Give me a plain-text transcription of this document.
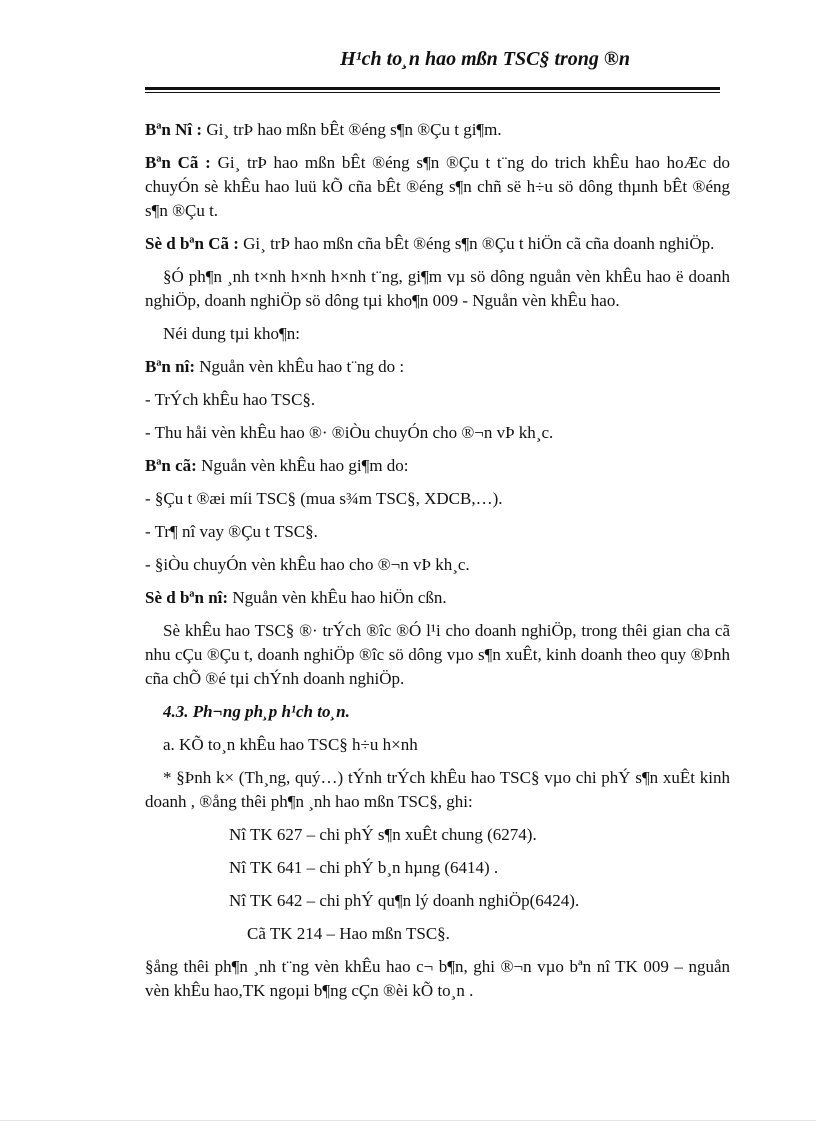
H¹ch to¸n hao mßn TSC§ trong ®n

Bªn Nî : Gi¸ trÞ hao mßn bÊt ®éng s¶n ®Çu t gi¶m.

Bªn Cã : Gi¸ trÞ hao mßn bÊt ®éng s¶n ®Çu t t¨ng do trich khÊu hao hoÆc do chuyÓn sè khÊu hao luü kÕ cña bÊt ®éng s¶n chñ së h÷u sö dông thµnh bÊt ®éng s¶n ®Çu t.

Sè d bªn Cã : Gi¸ trÞ hao mßn cña bÊt ®éng s¶n ®Çu t hiÖn cã cña doanh nghiÖp.

§Ó ph¶n ¸nh t×nh h×nh h×nh t¨ng, gi¶m vµ sö dông nguån vèn khÊu hao ë doanh nghiÖp, doanh nghiÖp sö dông tµi kho¶n 009 - Nguån vèn khÊu hao.

Néi dung tµi kho¶n:

Bªn nî: Nguån vèn khÊu hao t¨ng do :

- TrÝch khÊu hao TSC§.

- Thu håi vèn khÊu hao ®· ®iÒu chuyÓn cho ®¬n vÞ kh¸c.

Bªn cã: Nguån vèn khÊu hao gi¶m do:

- §Çu t ®æi míi TSC§ (mua s¾m TSC§, XDCB,…).

- Tr¶ nî vay ®Çu t TSC§.

- §iÒu chuyÓn vèn khÊu hao cho ®¬n vÞ kh¸c.

Sè d bªn nî: Nguån vèn khÊu hao hiÖn cßn.

Sè khÊu hao TSC§ ®· trÝch ®îc ®Ó l¹i cho doanh nghiÖp, trong thêi gian cha cã nhu cÇu ®Çu t, doanh nghiÖp ®îc sö dông vµo s¶n xuÊt, kinh doanh theo quy ®Þnh cña chÕ ®é tµi chÝnh doanh nghiÖp.

4.3. Ph¬ng ph¸p h¹ch to¸n.

a. KÕ to¸n khÊu hao TSC§ h÷u h×nh

* §Þnh k× (Th¸ng, quý…) tÝnh trÝch khÊu hao TSC§ vµo chi phÝ s¶n xuÊt kinh doanh , ®ång thêi ph¶n ¸nh hao mßn TSC§, ghi:

Nî TK 627 – chi phÝ s¶n xuÊt chung (6274).

Nî TK 641 – chi phÝ b¸n hµng (6414) .

Nî TK 642 – chi phÝ qu¶n lý doanh nghiÖp(6424).

Cã TK 214 – Hao mßn TSC§.

§ång thêi ph¶n ¸nh t¨ng vèn khÊu hao c¬ b¶n, ghi ®¬n vµo bªn nî TK 009 – nguån vèn khÊu hao,TK ngoµi b¶ng cÇn ®èi kÕ to¸n .
